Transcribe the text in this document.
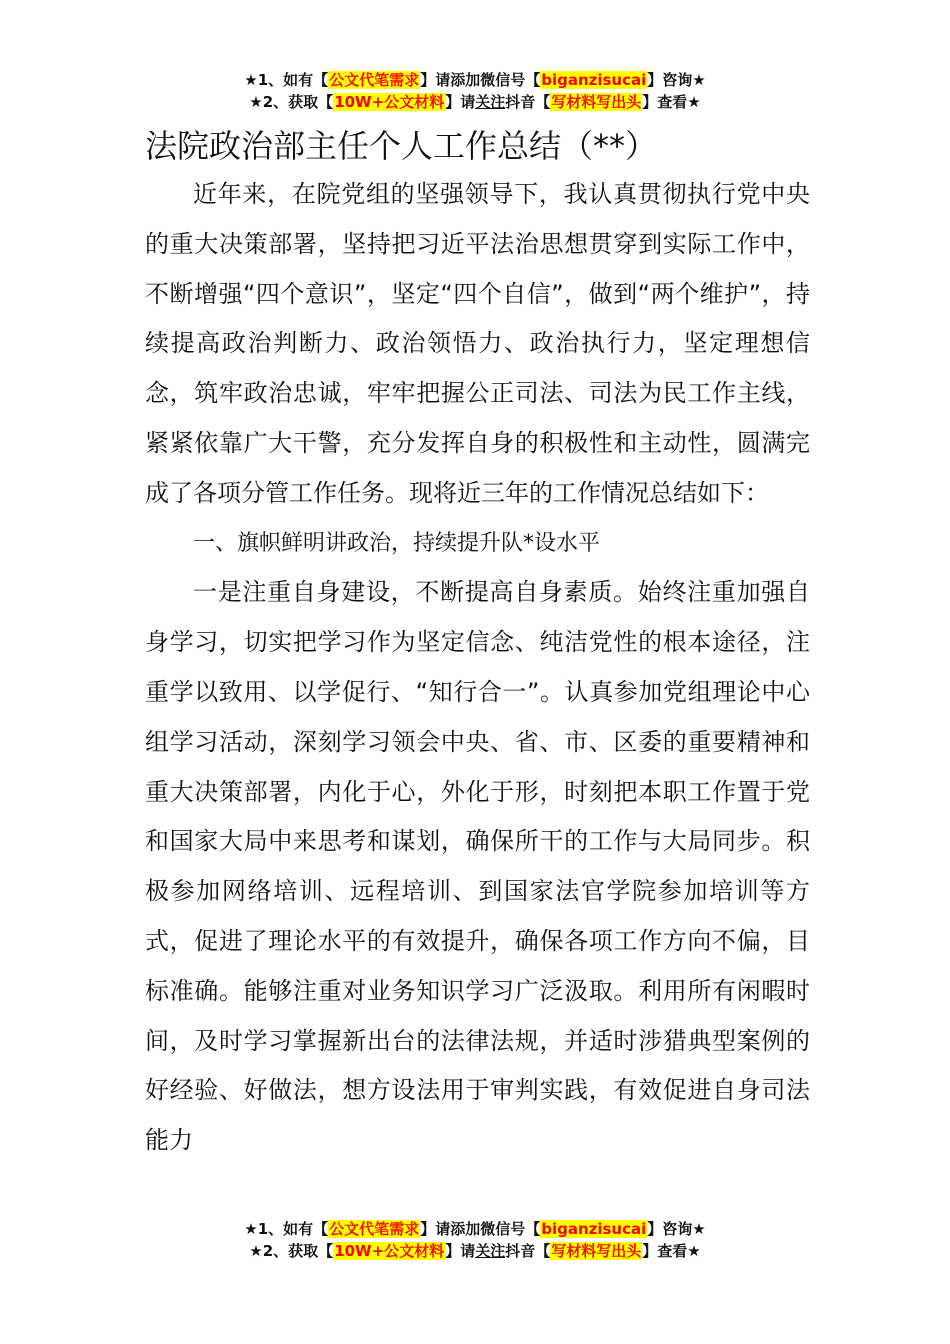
★1、如有【公文代笔需求】请添加微信号【biganzisucai】咨询★
★2、获取【10W+公文材料】请关注抖音【写材料写出头】查看★
法院政治部主任个人工作总结（**）

近年来，在院党组的坚强领导下，我认真贯彻执行党中央的重大决策部署，坚持把习近平法治思想贯穿到实际工作中，不断增强“四个意识”，坚定“四个自信”，做到“两个维护”，持续提高政治判断力、政治领悟力、政治执行力，坚定理想信念，筑牢政治忠诚，牢牢把握公正司法、司法为民工作主线，紧紧依靠广大干警，充分发挥自身的积极性和主动性，圆满完成了各项分管工作任务。现将近三年的工作情况总结如下：

一、旗帜鲜明讲政治，持续提升队*设水平

一是注重自身建设，不断提高自身素质。始终注重加强自身学习，切实把学习作为坚定信念、纯洁党性的根本途径，注重学以致用、以学促行、“知行合一”。认真参加党组理论中心组学习活动，深刻学习领会中央、省、市、区委的重要精神和重大决策部署，内化于心，外化于形，时刻把本职工作置于党和国家大局中来思考和谋划，确保所干的工作与大局同步。积极参加网络培训、远程培训、到国家法官学院参加培训等方式，促进了理论水平的有效提升，确保各项工作方向不偏，目标准确。能够注重对业务知识学习广泛汲取。利用所有闲暇时间，及时学习掌握新出台的法律法规，并适时涉猎典型案例的好经验、好做法，想方设法用于审判实践，有效促进自身司法能力

★1、如有【公文代笔需求】请添加微信号【biganzisucai】咨询★
★2、获取【10W+公文材料】请关注抖音【写材料写出头】查看★
